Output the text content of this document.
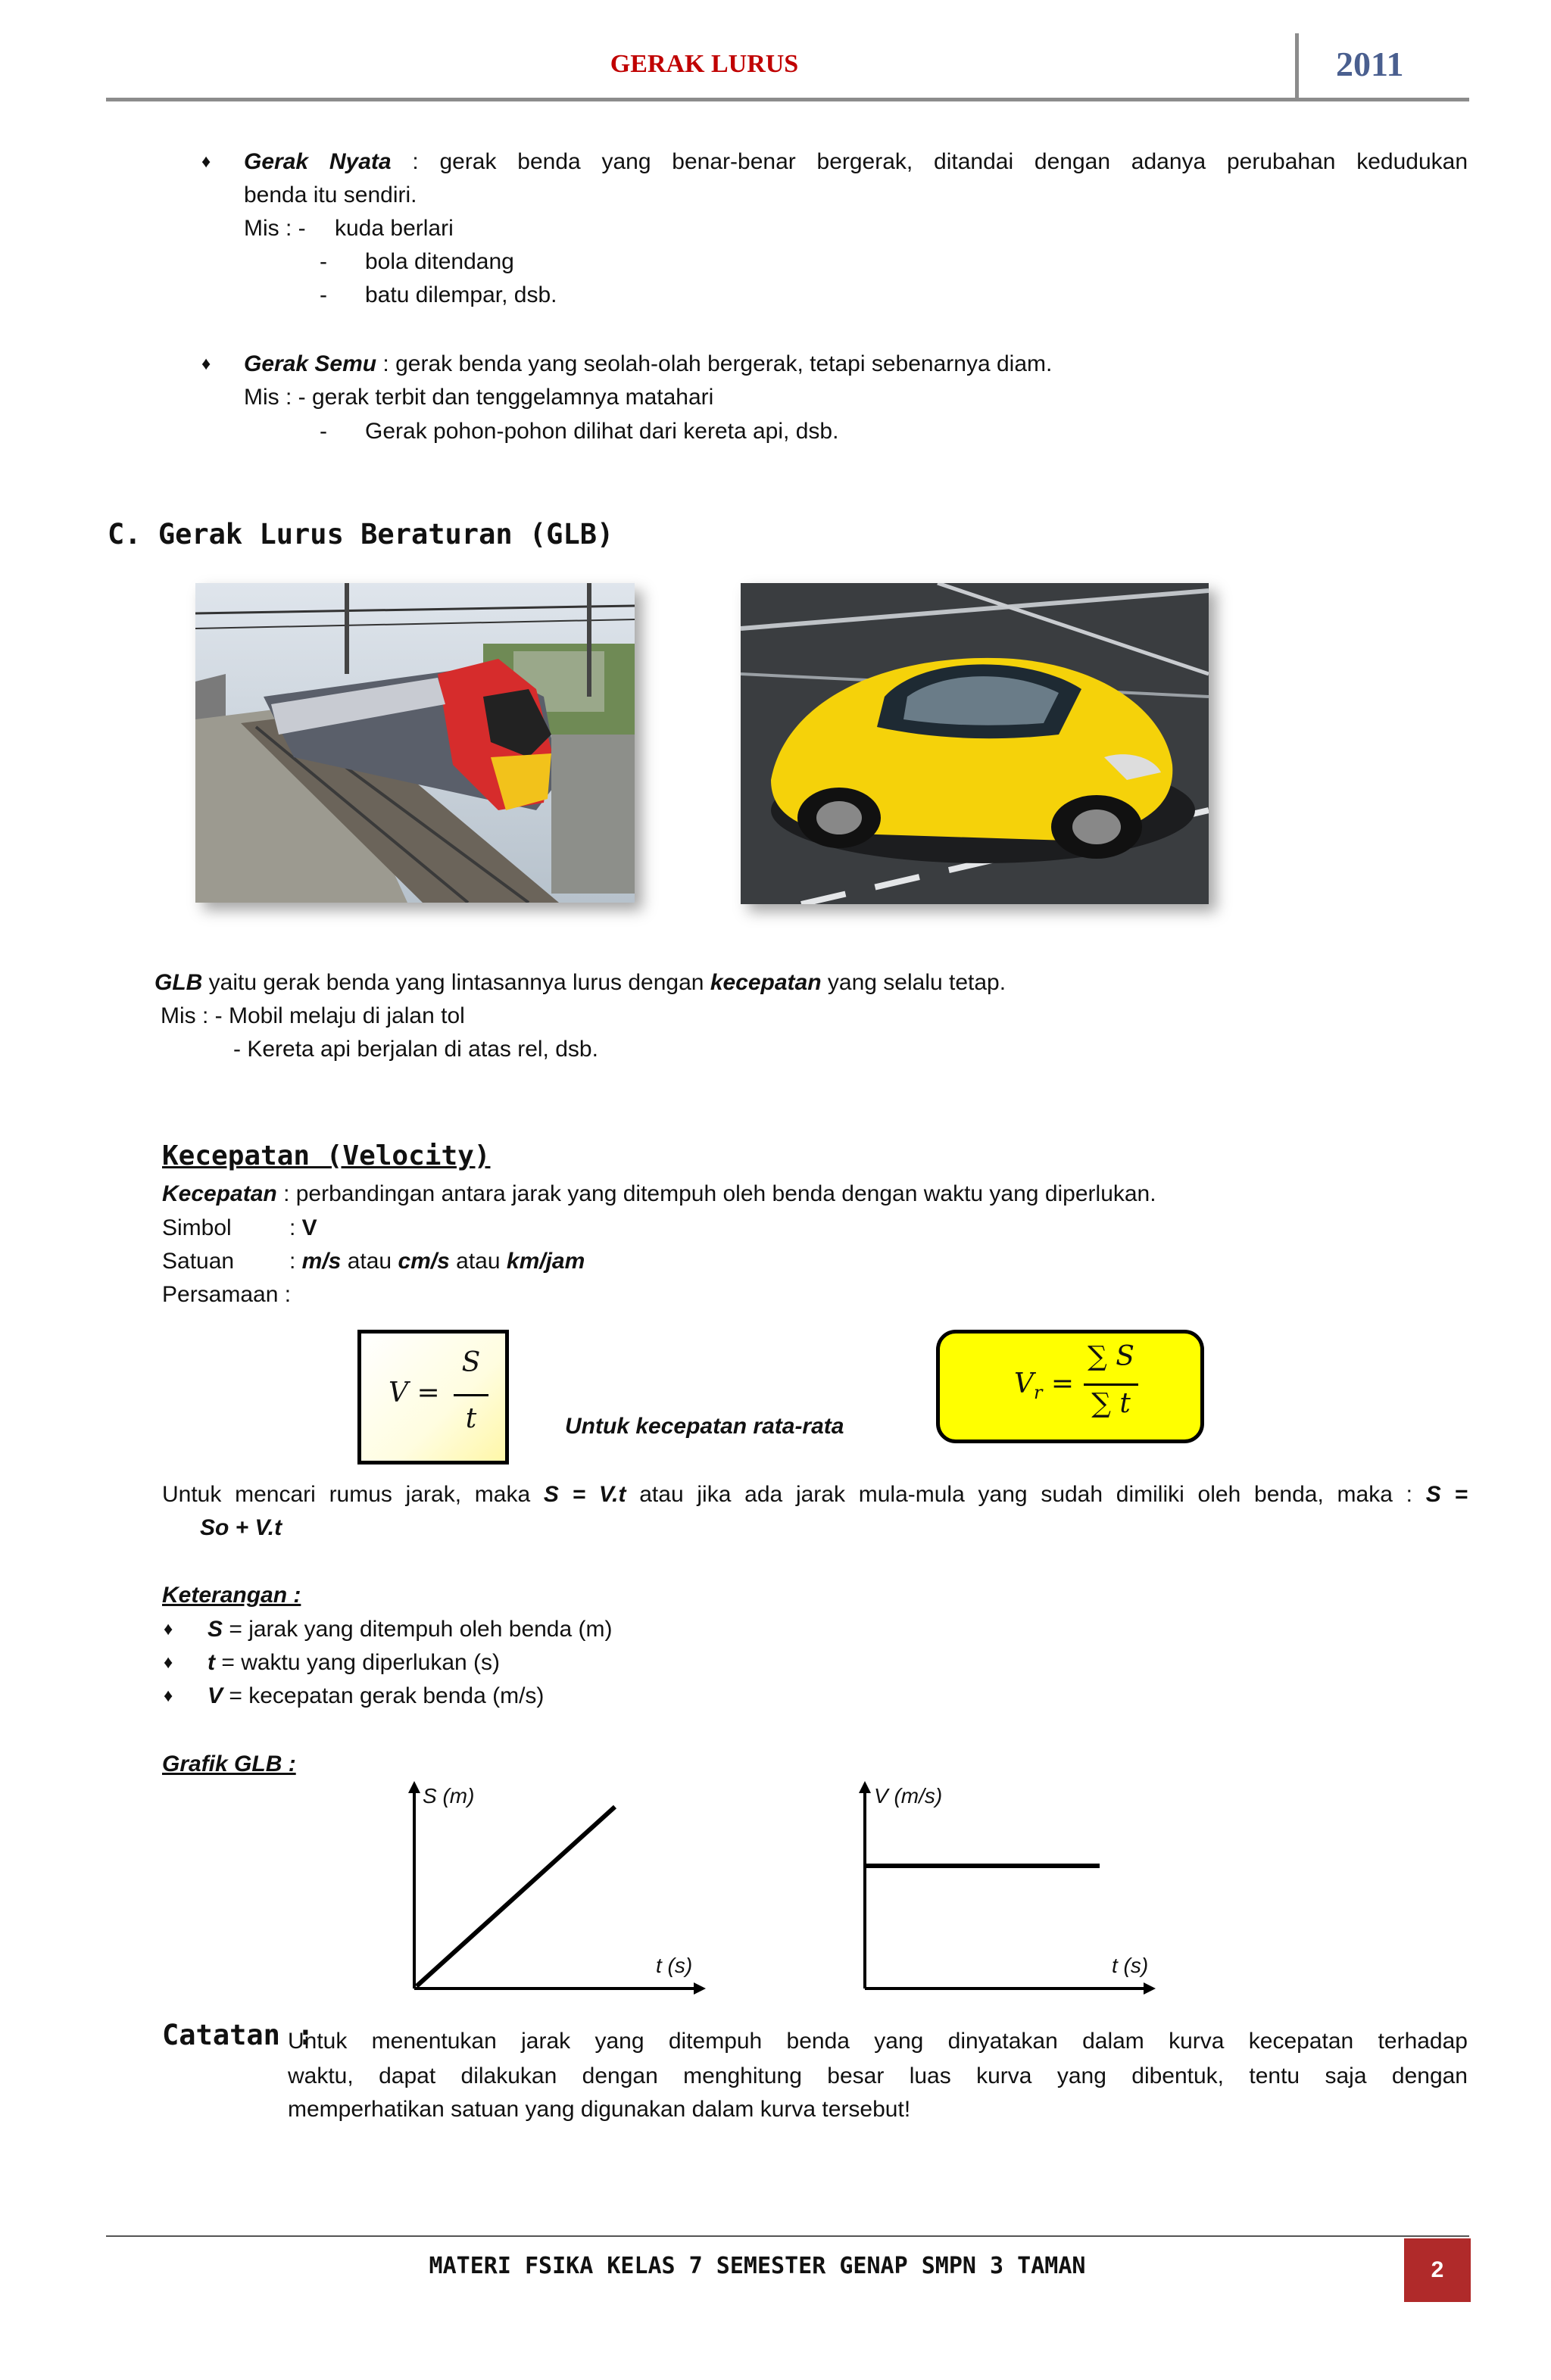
GERAK LURUS	2011
♦ Gerak Nyata : gerak benda yang benar-benar bergerak, ditandai dengan adanya perubahan kedudukan
benda itu sendiri.
Mis : - kuda berlari
- bola ditendang
- batu dilempar, dsb.
♦ Gerak Semu : gerak benda yang seolah-olah bergerak, tetapi sebenarnya diam.
Mis : - gerak terbit dan tenggelamnya matahari
- Gerak pohon-pohon dilihat dari kereta api, dsb.
C. Gerak Lurus Beraturan (GLB)
GLB yaitu gerak benda yang lintasannya lurus dengan kecepatan yang selalu tetap.
Mis : - Mobil melaju di jalan tol
- Kereta api berjalan di atas rel, dsb.
Kecepatan (Velocity)
Kecepatan : perbandingan antara jarak yang ditempuh oleh benda dengan waktu yang diperlukan.
Simbol	: V
Satuan : m/s atau cm/s atau km/jam
Persamaan :
V =
S
t	Untuk kecepatan rata-rata
$V_r$ =
∑ S
∑ t
Untuk mencari rumus jarak, maka S = V.t atau jika ada jarak mula-mula yang sudah dimiliki oleh benda, maka : S =
So + V.t
Keterangan :
♦ S = jarak yang ditempuh oleh benda (m)
♦ t = waktu yang diperlukan (s)
♦ V = kecepatan gerak benda (m/s)
Grafik GLB :
S (m)
t (s)
V (m/s)
t (s)
Catatan :
Untuk menentukan jarak yang ditempuh benda yang dinyatakan dalam kurva kecepatan terhadap
waktu, dapat dilakukan dengan menghitung besar luas kurva yang dibentuk, tentu saja dengan
memperhatikan satuan yang digunakan dalam kurva tersebut!
MATERI FSIKA KELAS 7 SEMESTER GENAP SMPN 3 TAMAN	2
